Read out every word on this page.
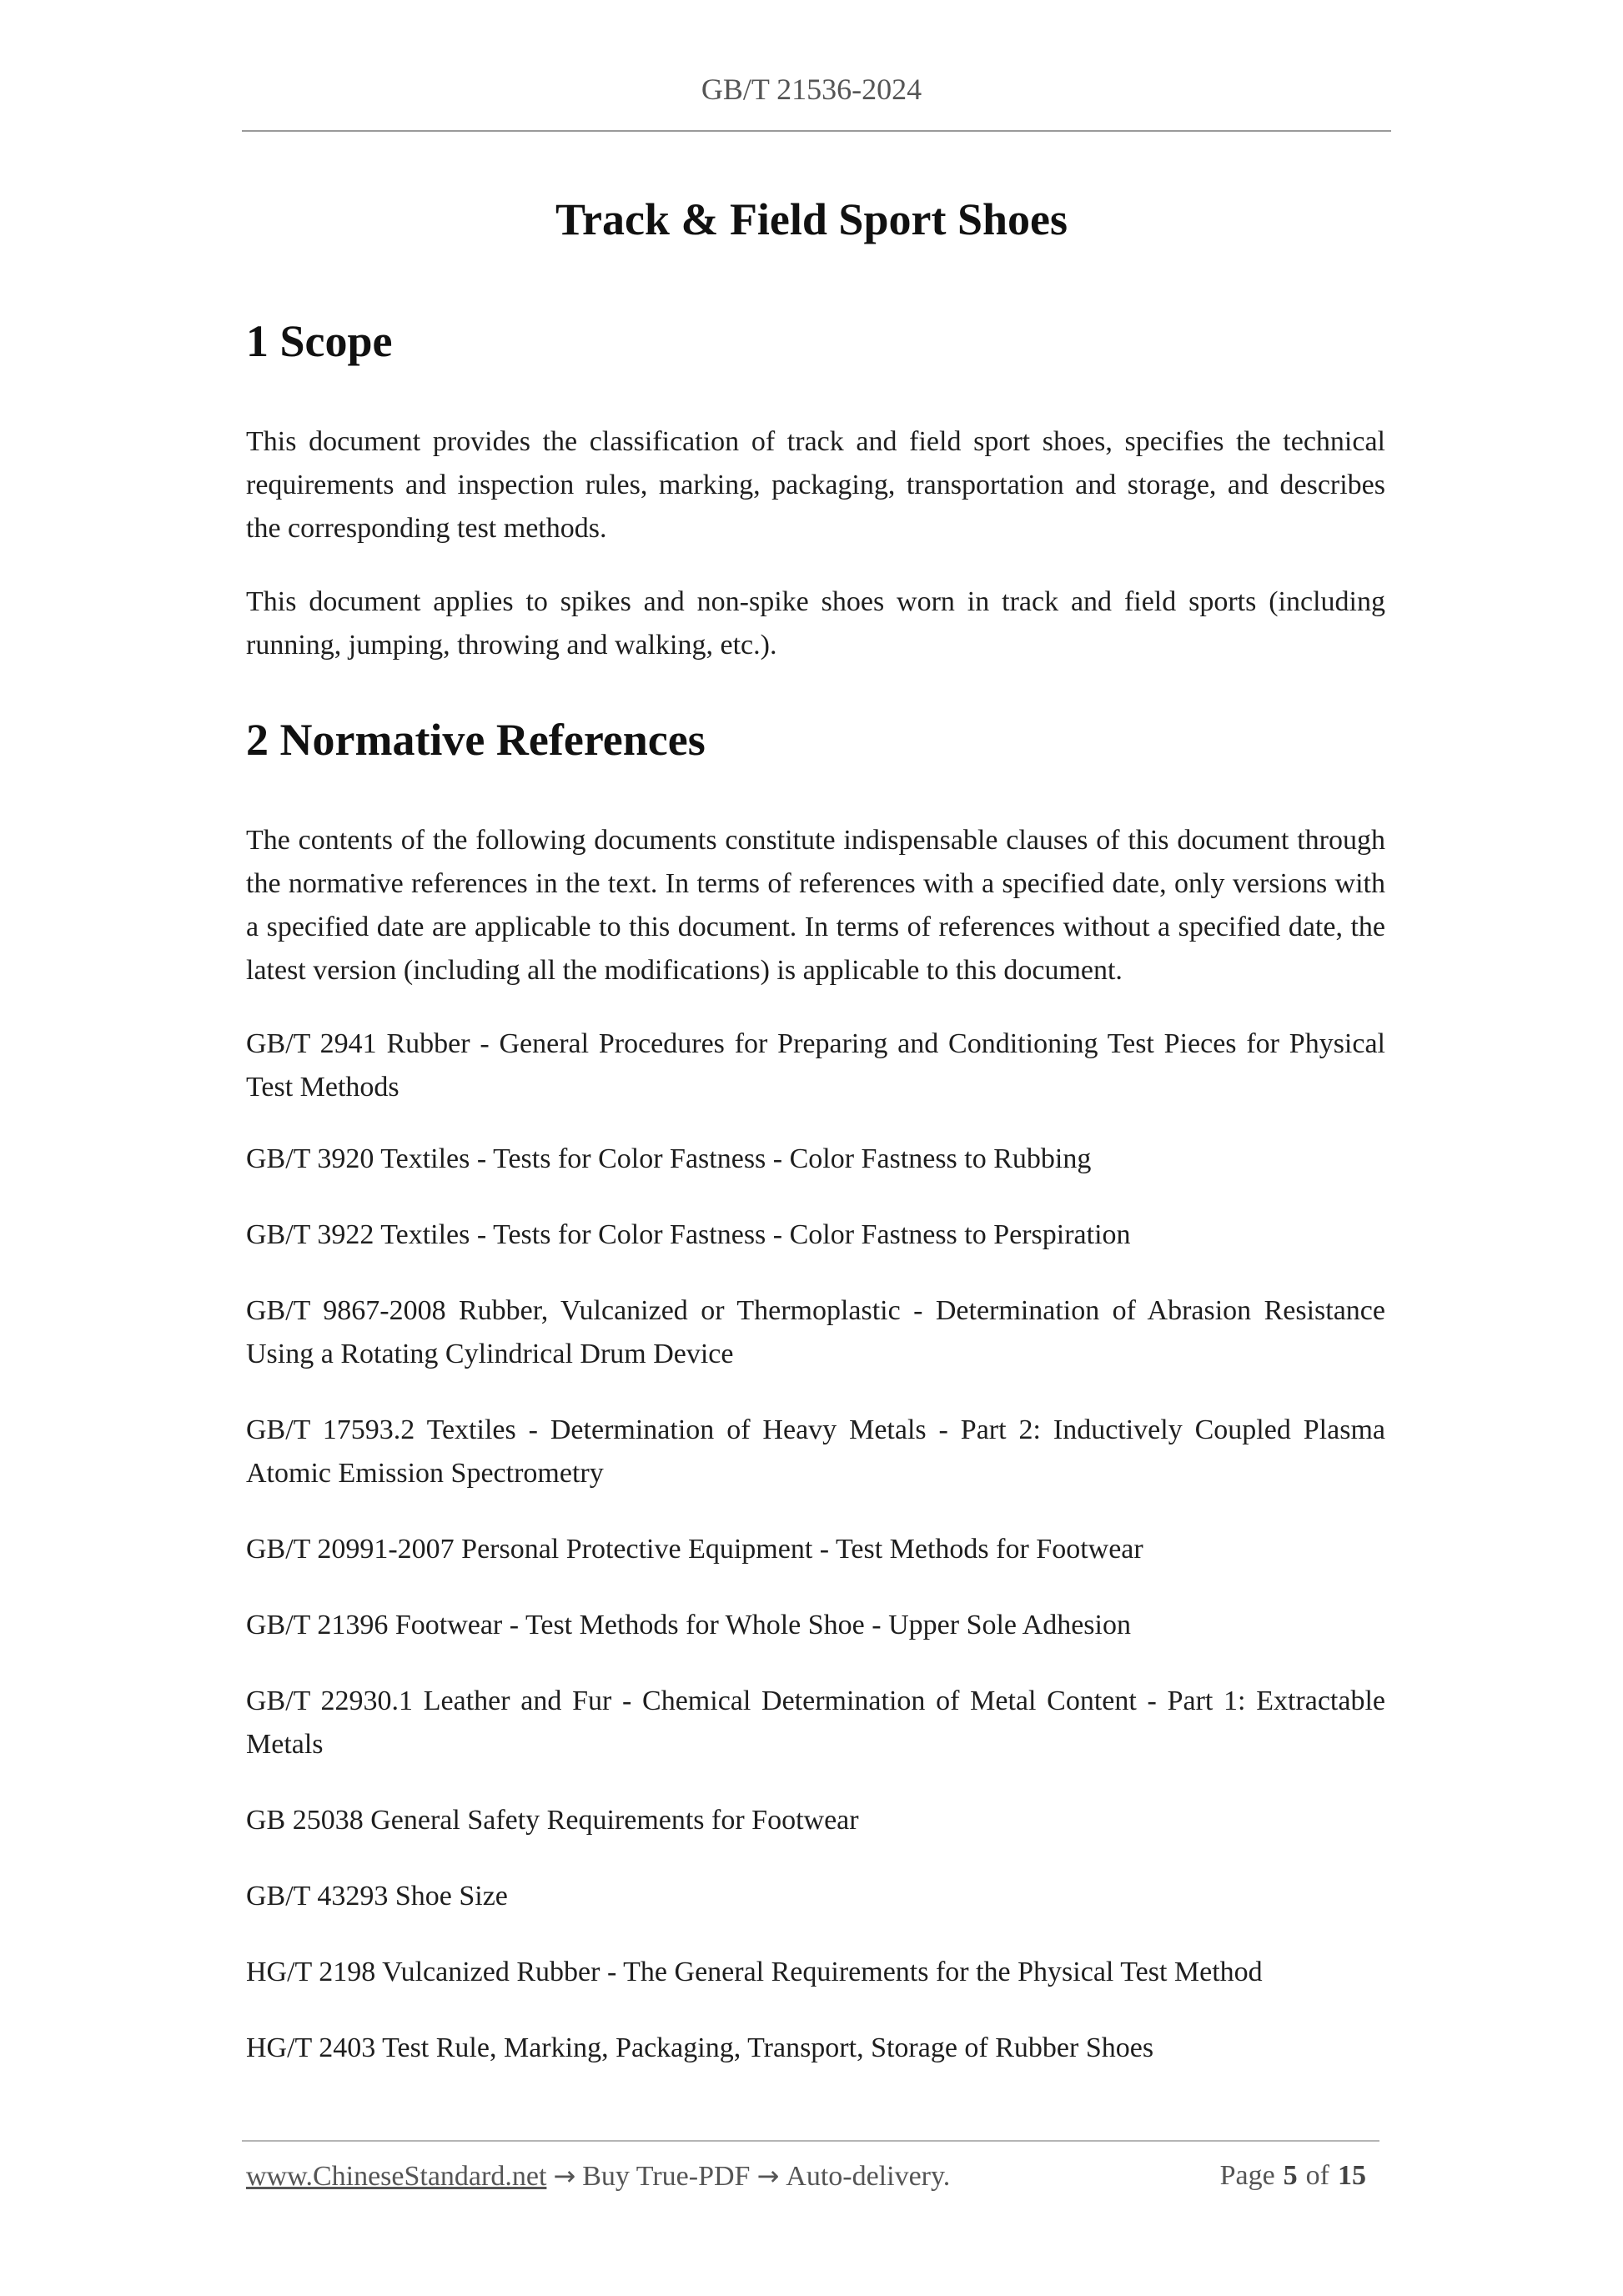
GB/T 21536-2024
Track & Field Sport Shoes
1 Scope

This document provides the classification of track and field sport shoes, specifies the technical requirements and inspection rules, marking, packaging, transportation and storage, and describes the corresponding test methods.

This document applies to spikes and non-spike shoes worn in track and field sports (including running, jumping, throwing and walking, etc.).

2 Normative References

The contents of the following documents constitute indispensable clauses of this document through the normative references in the text. In terms of references with a specified date, only versions with a specified date are applicable to this document. In terms of references without a specified date, the latest version (including all the modifications) is applicable to this document.

GB/T 2941 Rubber - General Procedures for Preparing and Conditioning Test Pieces for Physical Test Methods

GB/T 3920 Textiles - Tests for Color Fastness - Color Fastness to Rubbing

GB/T 3922 Textiles - Tests for Color Fastness - Color Fastness to Perspiration

GB/T 9867-2008 Rubber, Vulcanized or Thermoplastic - Determination of Abrasion Resistance Using a Rotating Cylindrical Drum Device

GB/T 17593.2 Textiles - Determination of Heavy Metals - Part 2: Inductively Coupled Plasma Atomic Emission Spectrometry

GB/T 20991-2007 Personal Protective Equipment - Test Methods for Footwear

GB/T 21396 Footwear - Test Methods for Whole Shoe - Upper Sole Adhesion

GB/T 22930.1 Leather and Fur - Chemical Determination of Metal Content - Part 1: Extractable Metals

GB 25038 General Safety Requirements for Footwear

GB/T 43293 Shoe Size

HG/T 2198 Vulcanized Rubber - The General Requirements for the Physical Test Method

HG/T 2403 Test Rule, Marking, Packaging, Transport, Storage of Rubber Shoes

www.ChineseStandard.net → Buy True-PDF → Auto-delivery.	Page 5 of 15
